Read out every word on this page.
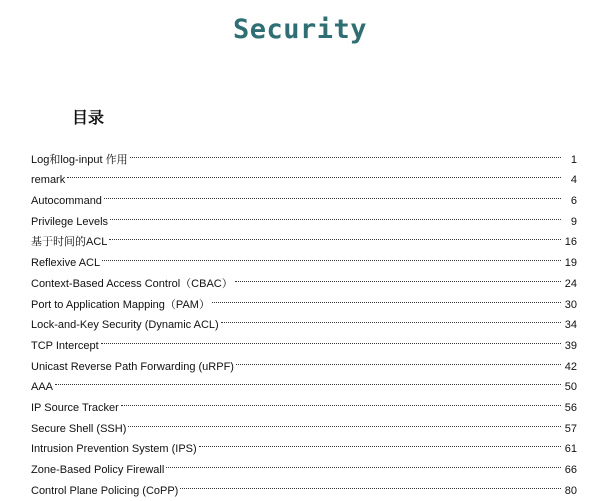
Security
目录
Log和log-input 作用	1
remark	4
Autocommand	6
Privilege Levels	9
基于时间的ACL	16
Reflexive ACL	19
Context-Based Access Control（CBAC）	24
Port to Application Mapping（PAM）	30
Lock-and-Key Security (Dynamic ACL)	34
TCP Intercept	39
Unicast Reverse Path Forwarding (uRPF)	42
AAA	50
IP Source Tracker	56
Secure Shell (SSH)	57
Intrusion Prevention System (IPS)	61
Zone-Based Policy Firewall	66
Control Plane Policing (CoPP)	80
